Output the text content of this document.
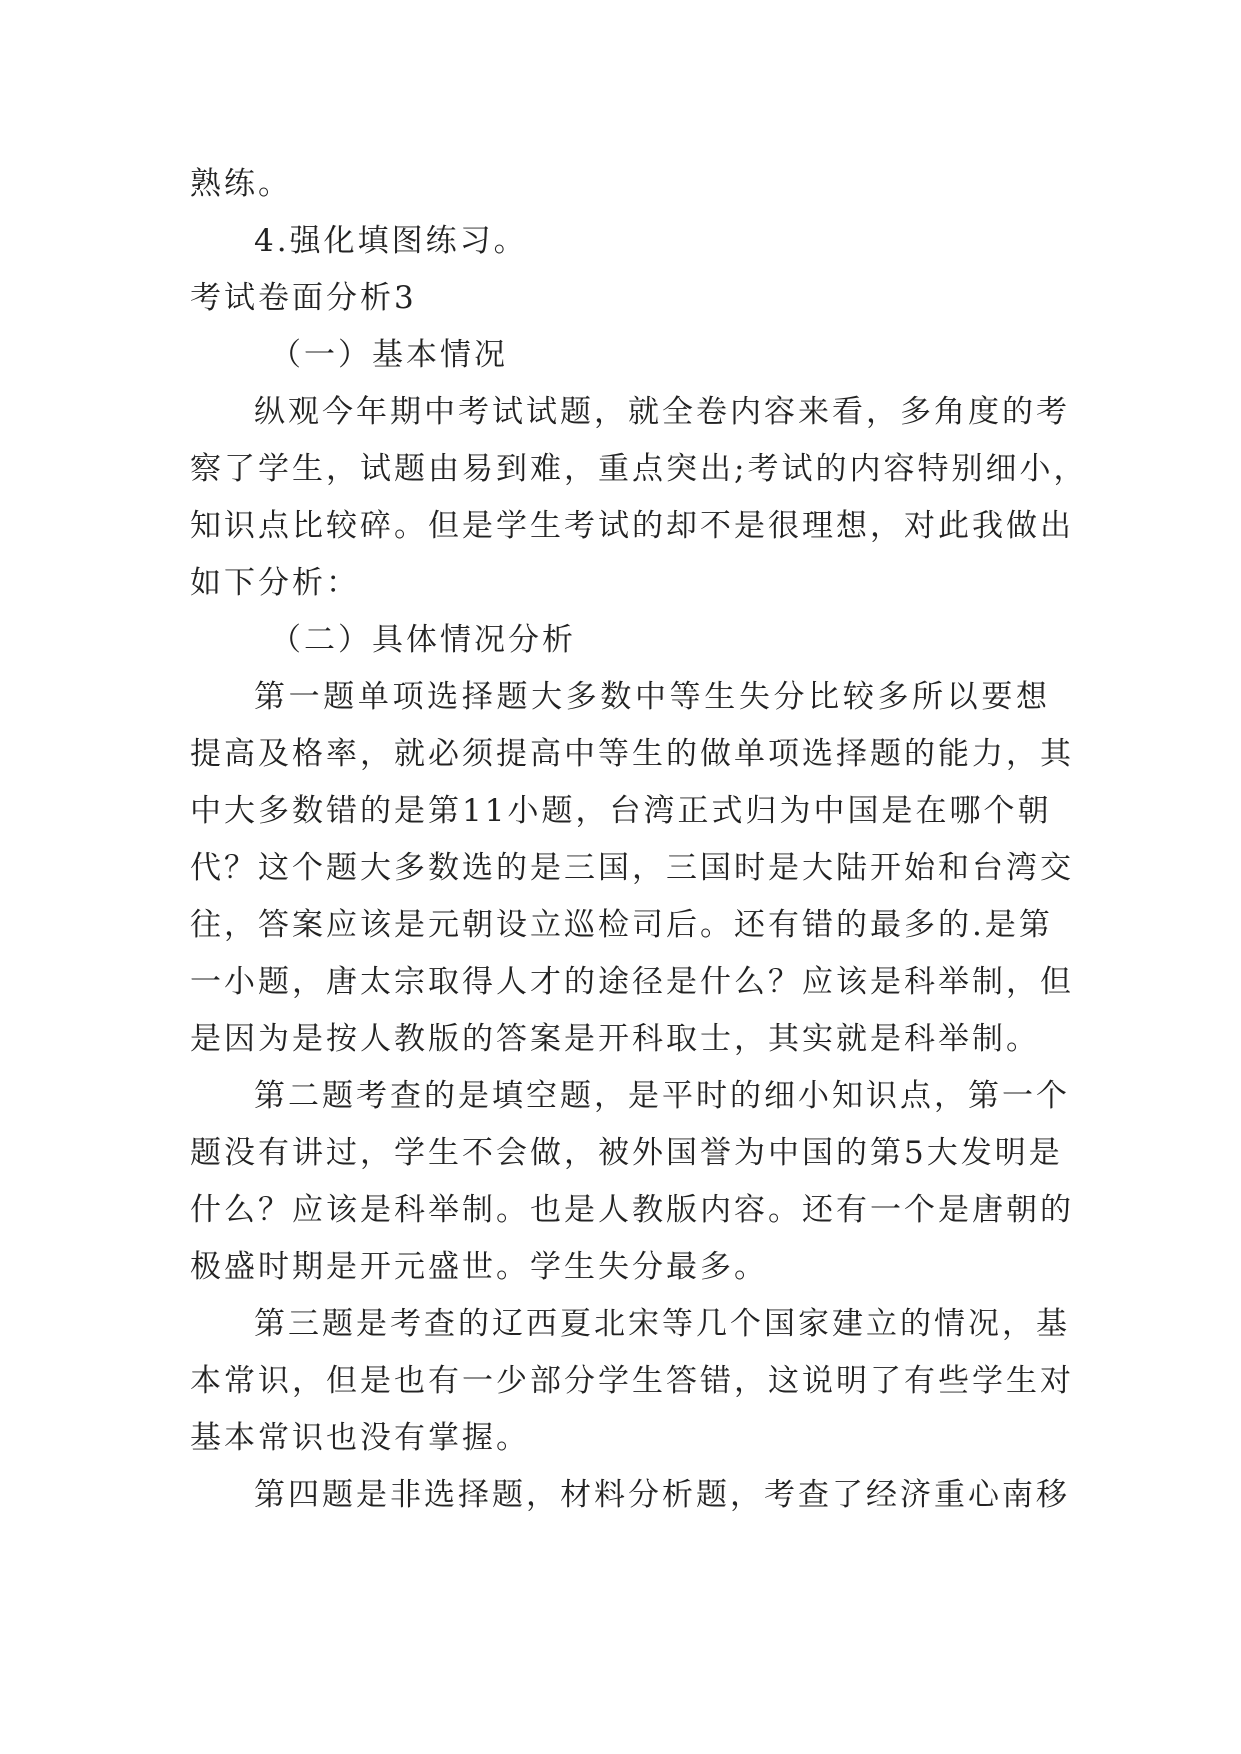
熟练。

4.强化填图练习。

考试卷面分析3

（一）基本情况

纵观今年期中考试试题，就全卷内容来看，多角度的考

察了学生，试题由易到难，重点突出;考试的内容特别细小，

知识点比较碎。但是学生考试的却不是很理想，对此我做出

如下分析：

（二）具体情况分析

第一题单项选择题大多数中等生失分比较多所以要想

提高及格率，就必须提高中等生的做单项选择题的能力，其

中大多数错的是第11小题，台湾正式归为中国是在哪个朝

代？这个题大多数选的是三国，三国时是大陆开始和台湾交

往，答案应该是元朝设立巡检司后。还有错的最多的.是第

一小题，唐太宗取得人才的途径是什么？应该是科举制，但

是因为是按人教版的答案是开科取士，其实就是科举制。

第二题考查的是填空题，是平时的细小知识点，第一个

题没有讲过，学生不会做，被外国誉为中国的第5大发明是

什么？应该是科举制。也是人教版内容。还有一个是唐朝的

极盛时期是开元盛世。学生失分最多。

第三题是考查的辽西夏北宋等几个国家建立的情况，基

本常识，但是也有一少部分学生答错，这说明了有些学生对

基本常识也没有掌握。

第四题是非选择题，材料分析题，考查了经济重心南移
